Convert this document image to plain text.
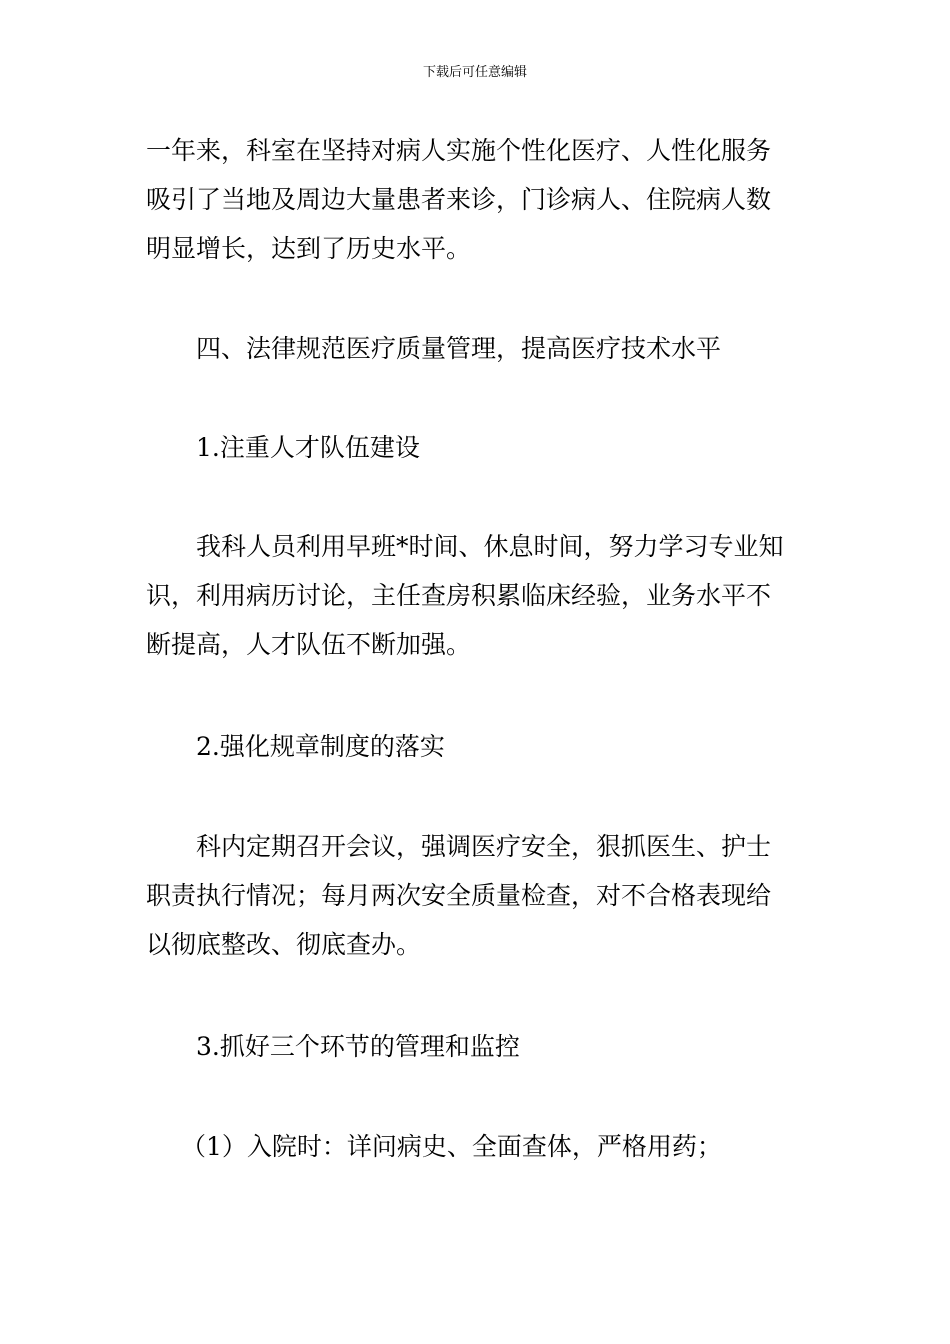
下载后可任意编辑
一年来，科室在坚持对病人实施个性化医疗、人性化服务
吸引了当地及周边大量患者来诊，门诊病人、住院病人数
明显增长，达到了历史水平。
四、法律规范医疗质量管理，提高医疗技术水平
1.注重人才队伍建设
我科人员利用早班*时间、休息时间，努力学习专业知
识，利用病历讨论，主任查房积累临床经验，业务水平不
断提高，人才队伍不断加强。
2.强化规章制度的落实
科内定期召开会议，强调医疗安全，狠抓医生、护士
职责执行情况；每月两次安全质量检查，对不合格表现给
以彻底整改、彻底查办。
3.抓好三个环节的管理和监控
（1）入院时：详问病史、全面查体，严格用药；
